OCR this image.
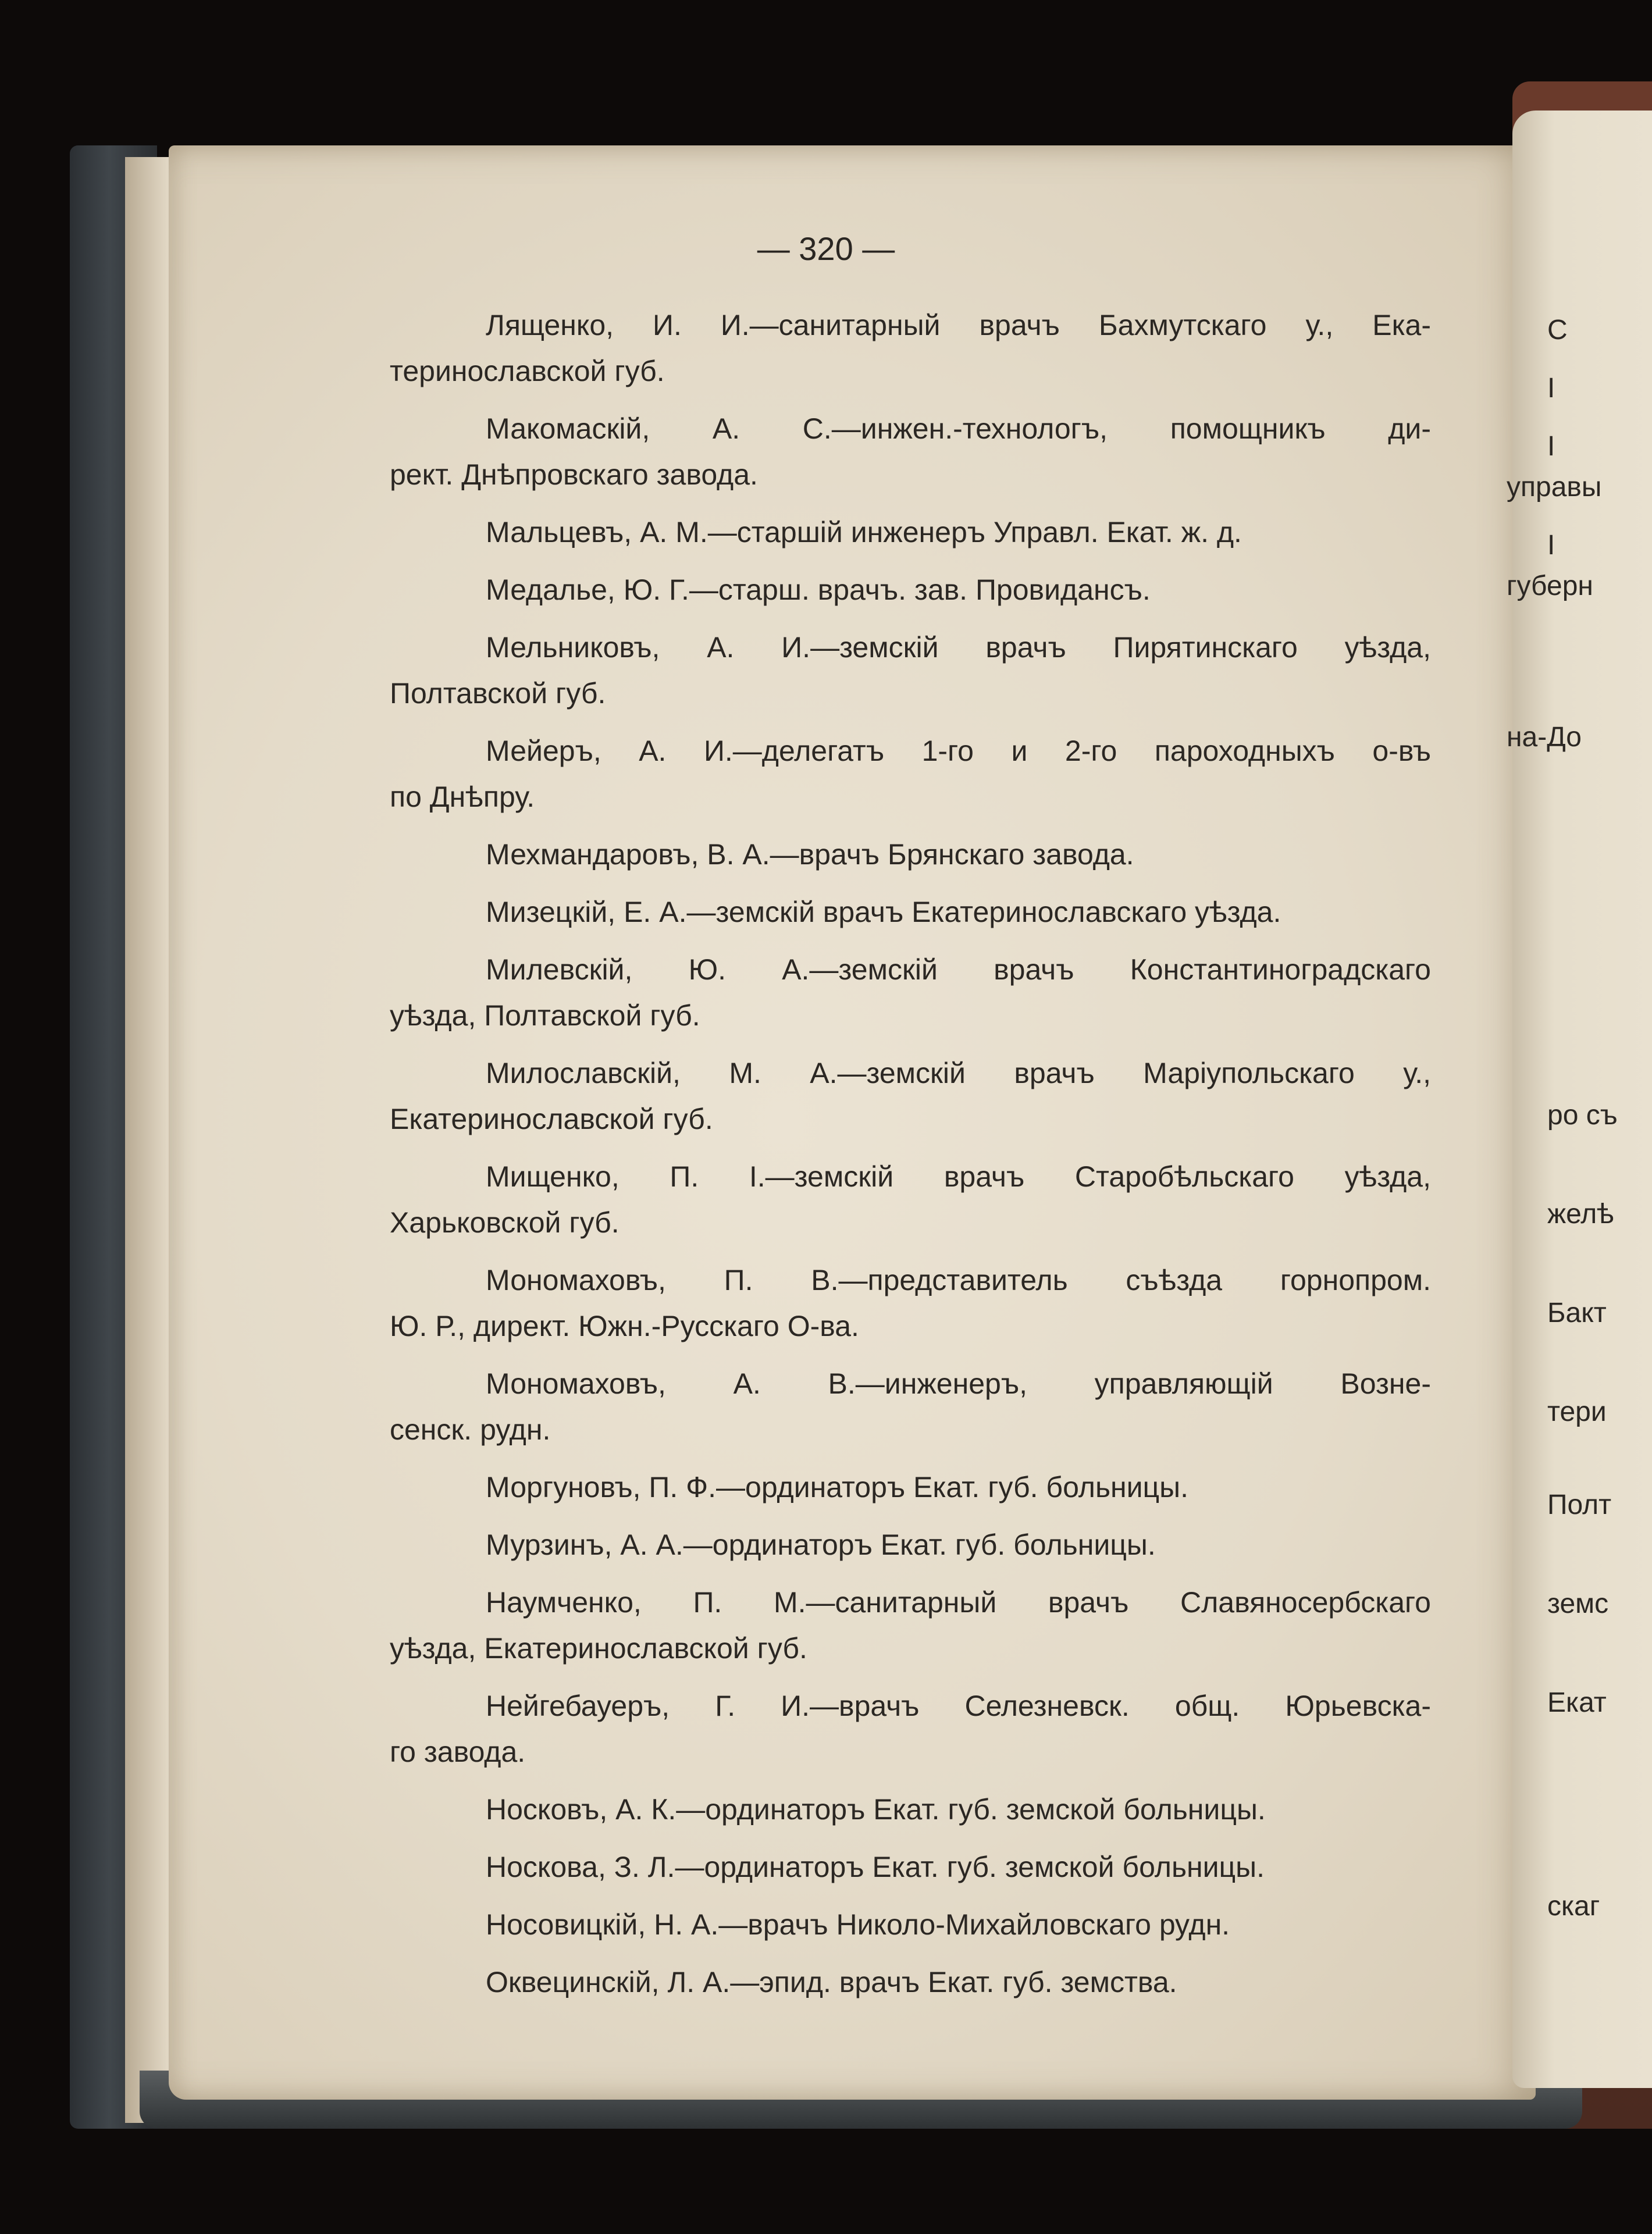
— 320 —
Лященко, И. И.—санитарный врачъ Бахмутскаго у., Ека-
теринославской губ.
Макомаскій, А. С.—инжен.-технологъ, помощникъ ди-
рект. Днѣпровскаго завода.
Мальцевъ, А. М.—старшій инженеръ Управл. Екат. ж. д.
Медалье, Ю. Г.—старш. врачъ. зав. Провидансъ.
Мельниковъ, А. И.—земскій врачъ Пирятинскаго уѣзда,
Полтавской губ.
Мейеръ, А. И.—делегатъ 1-го и 2-го пароходныхъ о-въ
по Днѣпру.
Мехмандаровъ, В. А.—врачъ Брянскаго завода.
Мизецкій, Е. А.—земскій врачъ Екатеринославскаго уѣзда.
Милевскій, Ю. А.—земскій врачъ Константиноградскаго
уѣзда, Полтавской губ.
Милославскій, М. А.—земскій врачъ Маріупольскаго у.,
Екатеринославской губ.
Мищенко, П. І.—земскій врачъ Старобѣльскаго уѣзда,
Харьковской губ.
Мономаховъ, П. В.—представитель съѣзда горнопром.
Ю. Р., директ. Южн.-Русскаго О-ва.
Мономаховъ, А. В.—инженеръ, управляющій Возне-
сенск. рудн.
Моргуновъ, П. Ф.—ординаторъ Екат. губ. больницы.
Мурзинъ, А. А.—ординаторъ Екат. губ. больницы.
Наумченко, П. М.—санитарный врачъ Славяносербскаго
уѣзда, Екатеринославской губ.
Нейгебауеръ, Г. И.—врачъ Селезневск. общ. Юрьевска-
го завода.
Носковъ, А. К.—ординаторъ Екат. губ. земской больницы.
Носкова, З. Л.—ординаторъ Екат. губ. земской больницы.
Носовицкій, Н. А.—врачъ Николо-Михайловскаго рудн.
Оквецинскій, Л. А.—эпид. врачъ Екат. губ. земства.
С
І
І
управы
І
губерн
на-До
ро съ
желѣ
Бакт
тери
Полт
земс
Екат
скаг
